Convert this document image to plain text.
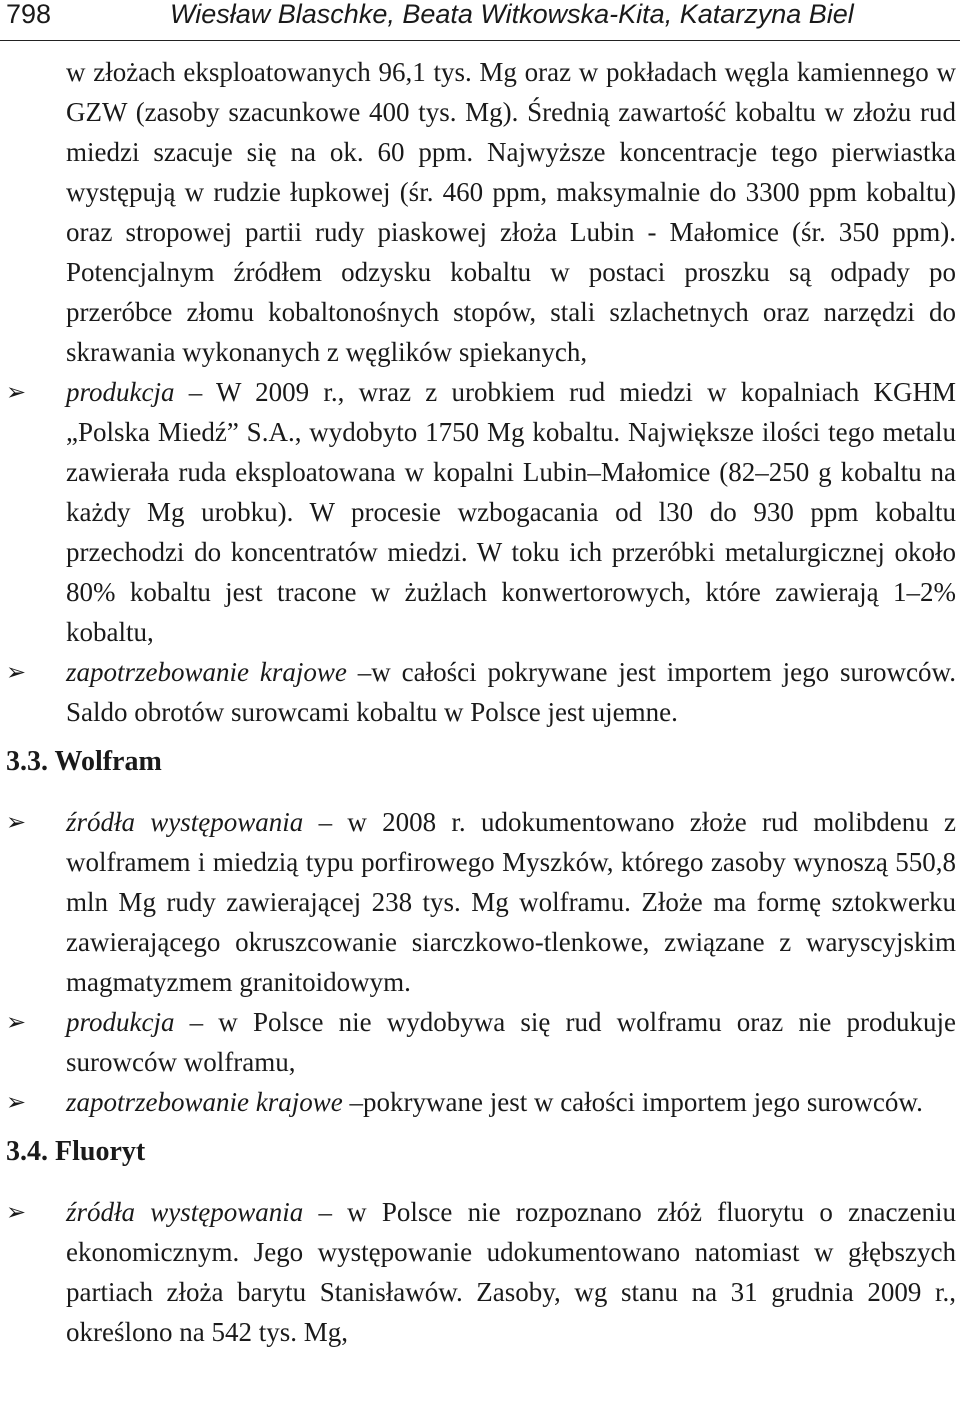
798	Wiesław Blaschke, Beata Witkowska-Kita, Katarzyna Biel

w złożach eksploatowanych 96,1 tys. Mg oraz w pokładach węgla kamiennego w GZW (zasoby szacunkowe 400 tys. Mg). Średnią zawartość kobaltu w złożu rud miedzi szacuje się na ok. 60 ppm. Najwyższe koncentracje tego pierwiastka występują w rudzie łupkowej (śr. 460 ppm, maksymalnie do 3300 ppm kobaltu) oraz stropowej partii rudy piaskowej złoża Lubin - Małomice (śr. 350 ppm). Potencjalnym źródłem odzysku kobaltu w postaci proszku są odpady po przeróbce złomu kobaltonośnych stopów, stali szlachetnych oraz narzędzi do skrawania wykonanych z węglików spiekanych,

➢	produkcja – W 2009 r., wraz z urobkiem rud miedzi w kopalniach KGHM „Polska Miedź” S.A., wydobyto 1750 Mg kobaltu. Największe ilości tego metalu zawierała ruda eksploatowana w kopalni Lubin–Małomice (82–250 g kobaltu na każdy Mg urobku). W procesie wzbogacania od l30 do 930 ppm kobaltu przechodzi do koncentratów miedzi. W toku ich przeróbki metalurgicznej około 80% kobaltu jest tracone w żużlach konwertorowych, które zawierają 1–2% kobaltu,

➢	zapotrzebowanie krajowe –w całości pokrywane jest importem jego surowców. Saldo obrotów surowcami kobaltu w Polsce jest ujemne.

3.3. Wolfram

➢	źródła występowania – w 2008 r. udokumentowano złoże rud molibdenu z wolframem i miedzią typu porfirowego Myszków, którego zasoby wynoszą 550,8 mln Mg rudy zawierającej 238 tys. Mg wolframu. Złoże ma formę sztokwerku zawierającego okruszcowanie siarczkowo-tlenkowe, związane z waryscyjskim magmatyzmem granitoidowym.

➢	produkcja – w Polsce nie wydobywa się rud wolframu oraz nie produkuje surowców wolframu,

➢	zapotrzebowanie krajowe –pokrywane jest w całości importem jego surowców.

3.4. Fluoryt

➢	źródła występowania – w Polsce nie rozpoznano złóż fluorytu o znaczeniu ekonomicznym. Jego występowanie udokumentowano natomiast w głębszych partiach złoża barytu Stanisławów. Zasoby, wg stanu na 31 grudnia 2009 r., określono na 542 tys. Mg,
